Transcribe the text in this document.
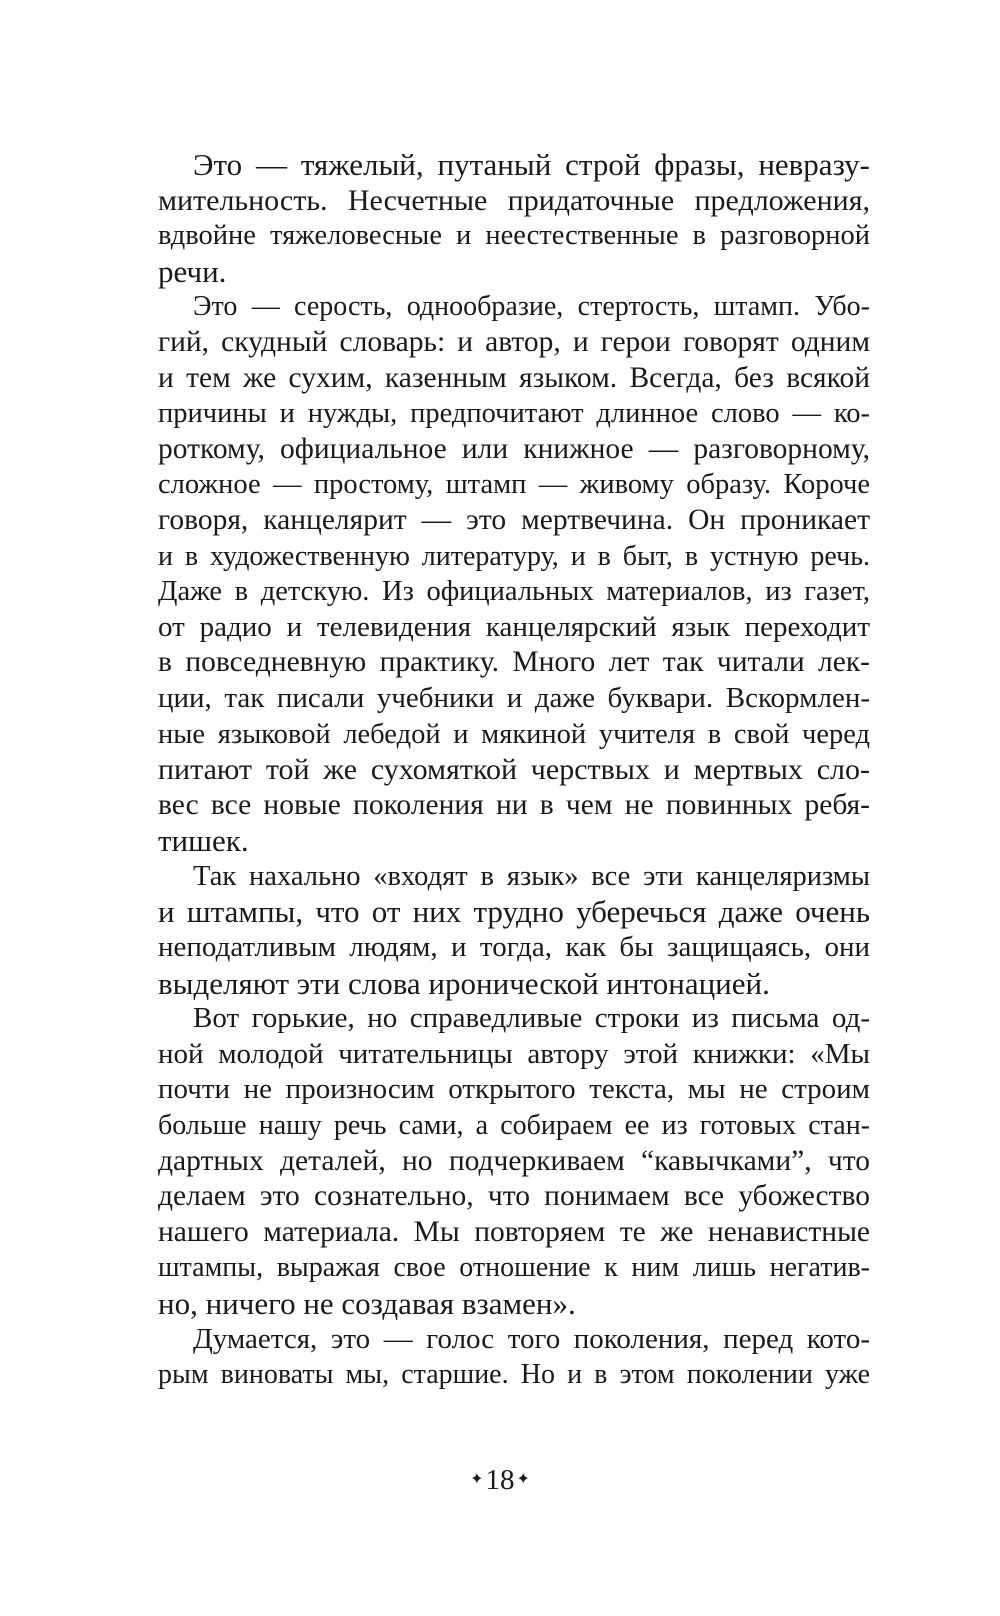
Это — тяжелый, путаный строй фразы, невразу-
мительность. Несчетные придаточные предложения,
вдвойне тяжеловесные и неестественные в разговорной
речи.
Это — серость, однообразие, стертость, штамп. Убо-
гий, скудный словарь: и автор, и герои говорят одним
и тем же сухим, казенным языком. Всегда, без всякой
причины и нужды, предпочитают длинное слово — ко-
роткому, официальное или книжное — разговорному,
сложное — простому, штамп — живому образу. Короче
говоря, канцелярит — это мертвечина. Он проникает
и в художественную литературу, и в быт, в устную речь.
Даже в детскую. Из официальных материалов, из газет,
от радио и телевидения канцелярский язык переходит
в повседневную практику. Много лет так читали лек-
ции, так писали учебники и даже буквари. Вскормлен-
ные языковой лебедой и мякиной учителя в свой черед
питают той же сухомяткой черствых и мертвых сло-
вес все новые поколения ни в чем не повинных ребя-
тишек.
Так нахально «входят в язык» все эти канцеляризмы
и штампы, что от них трудно уберечься даже очень
неподатливым людям, и тогда, как бы защищаясь, они
выделяют эти слова иронической интонацией.
Вот горькие, но справедливые строки из письма од-
ной молодой читательницы автору этой книжки: «Мы
почти не произносим открытого текста, мы не строим
больше нашу речь сами, а собираем ее из готовых стан-
дартных деталей, но подчеркиваем “кавычками”, что
делаем это сознательно, что понимаем все убожество
нашего материала. Мы повторяем те же ненавистные
штампы, выражая свое отношение к ним лишь негатив-
но, ничего не создавая взамен».
Думается, это — голос того поколения, перед кото-
рым виноваты мы, старшие. Но и в этом поколении уже
✦18 ✦
